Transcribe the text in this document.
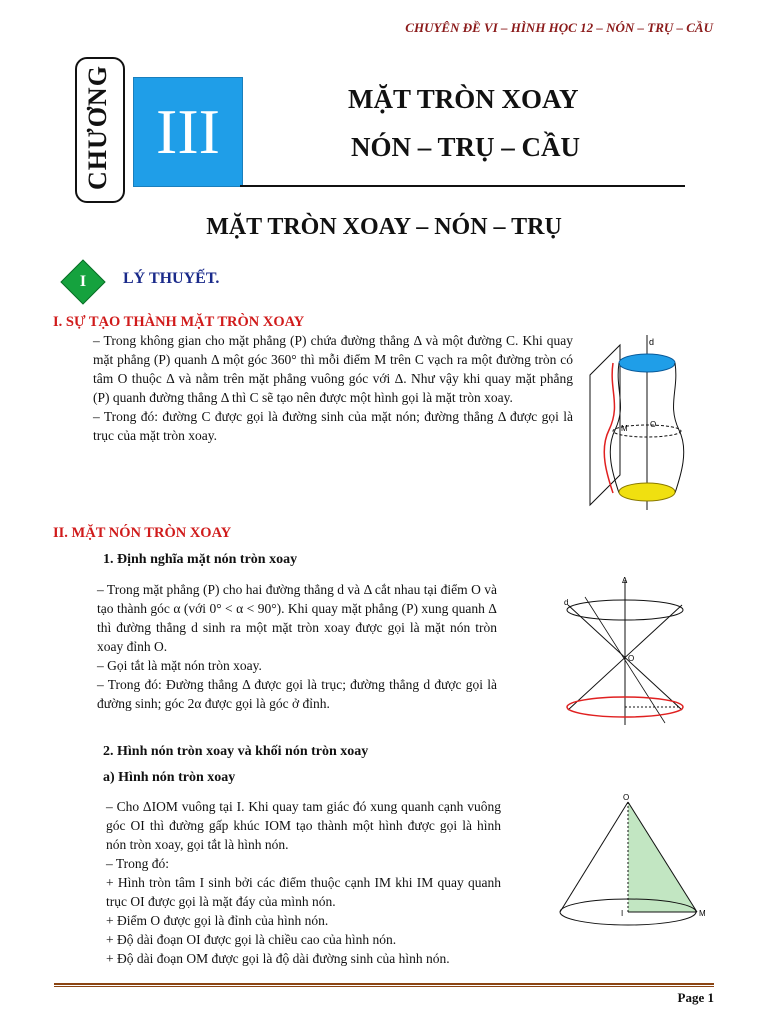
CHUYÊN ĐỀ VI – HÌNH HỌC 12 – NÓN – TRỤ – CẦU
CHƯƠNG III	MẶT TRÒN XOAY
NÓN – TRỤ – CẦU
MẶT TRÒN XOAY – NÓN – TRỤ
I	LÝ THUYẾT.
I. SỰ TẠO THÀNH MẶT TRÒN XOAY
– Trong không gian cho mặt phẳng (P) chứa đường thẳng Δ và một đường C. Khi quay mặt phẳng (P) quanh Δ một góc 360° thì mỗi điểm M trên C vạch ra một đường tròn có tâm O thuộc Δ và nằm trên mặt phẳng vuông góc với Δ. Như vậy khi quay mặt phẳng (P) quanh đường thẳng Δ thì C sẽ tạo nên được một hình gọi là mặt tròn xoay.
– Trong đó: đường C được gọi là đường sinh của mặt nón; đường thẳng Δ được gọi là trục của mặt tròn xoay.
d
M	O
II. MẶT NÓN TRÒN XOAY
1. Định nghĩa mặt nón tròn xoay
– Trong mặt phẳng (P) cho hai đường thẳng d và Δ cắt nhau tại điểm O và tạo thành góc α (với 0° < α < 90°). Khi quay mặt phẳng (P) xung quanh Δ thì đường thẳng d sinh ra một mặt tròn xoay được gọi là mặt nón tròn xoay đỉnh O.
– Gọi tắt là mặt nón tròn xoay.
– Trong đó: Đường thẳng Δ được gọi là trục; đường thẳng d được gọi là đường sinh; góc 2α được gọi là góc ở đỉnh.
Δ
d
O
2. Hình nón tròn xoay và khối nón tròn xoay
a) Hình nón tròn xoay
– Cho ΔIOM vuông tại I. Khi quay tam giác đó xung quanh cạnh vuông góc OI thì đường gấp khúc IOM tạo thành một hình được gọi là hình nón tròn xoay, gọi tắt là hình nón.
– Trong đó:
+ Hình tròn tâm I sinh bởi các điểm thuộc cạnh IM khi IM quay quanh trục OI được gọi là mặt đáy của mình nón.
+ Điểm O được gọi là đỉnh của hình nón.
+ Độ dài đoạn OI được gọi là chiều cao của hình nón.
+ Độ dài đoạn OM được gọi là độ dài đường sinh của hình nón.
O
I	M
Page 1
